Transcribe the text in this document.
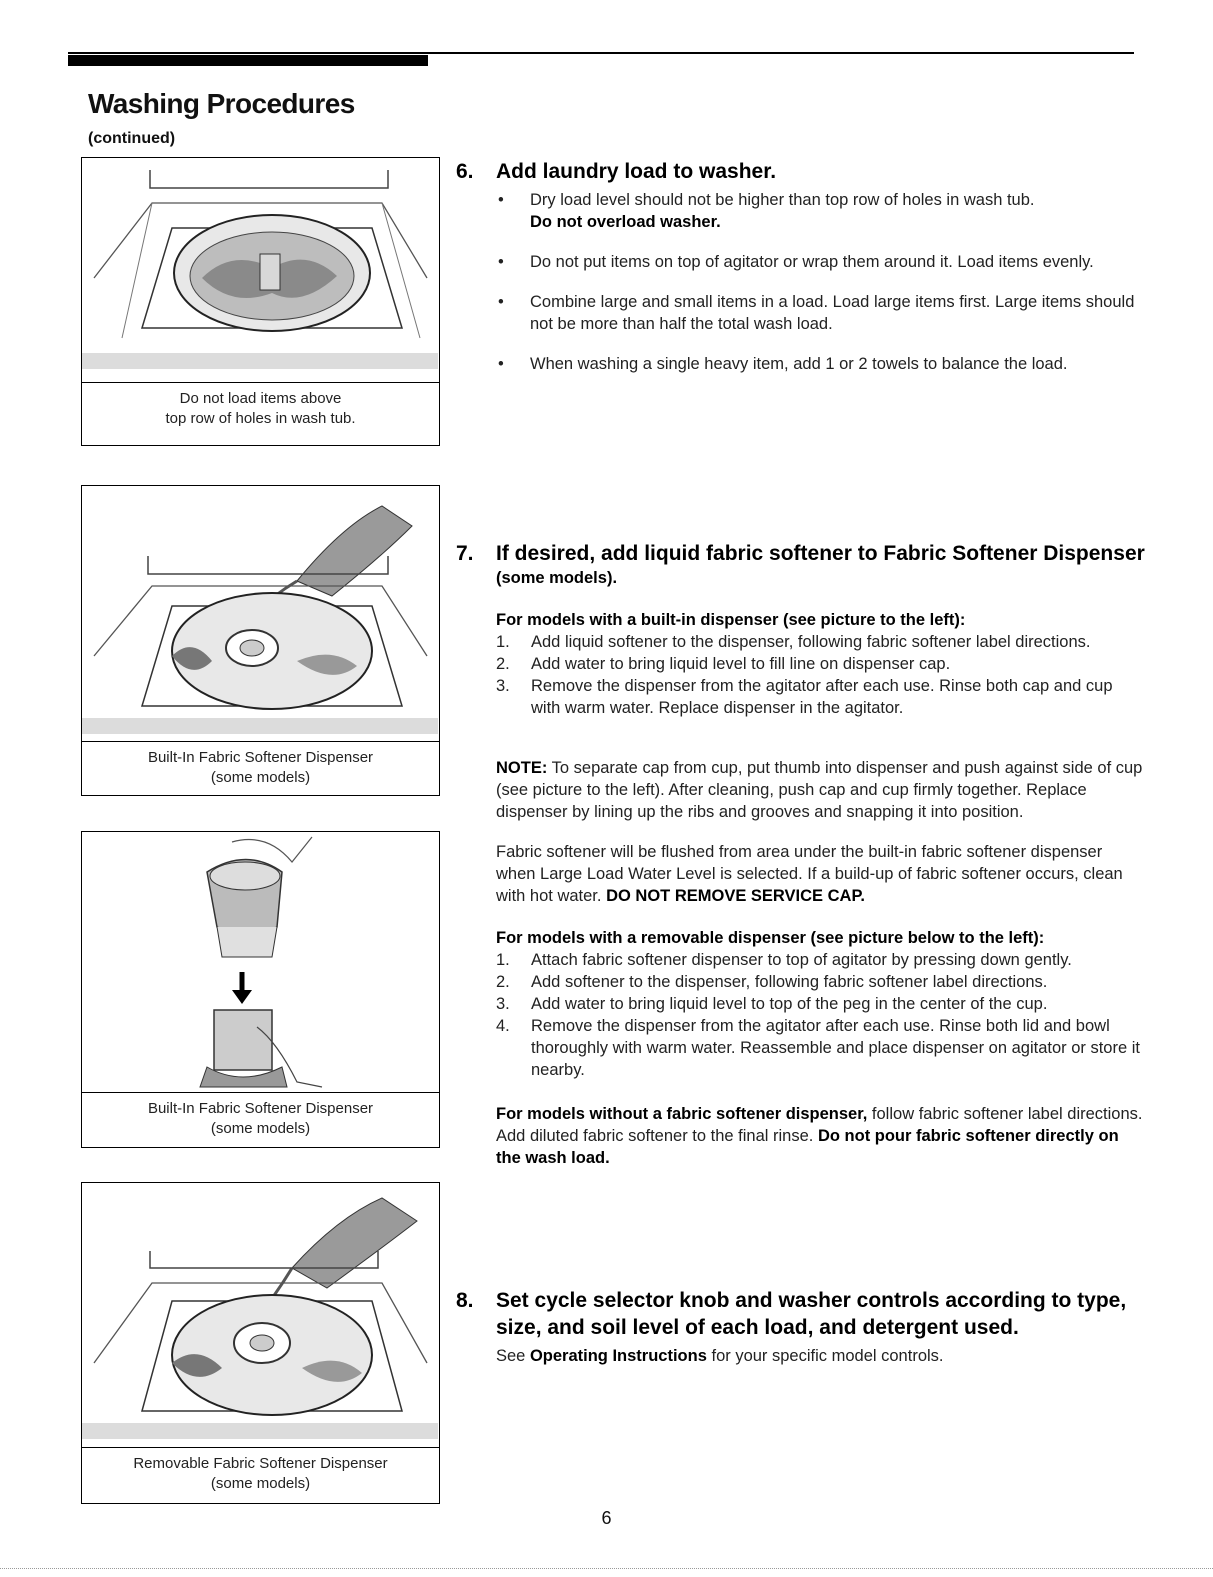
Washing Procedures
(continued)
Do not load items above
top row of holes in wash tub.
Built-In Fabric Softener Dispenser
(some models)
Built-In Fabric Softener Dispenser
(some models)
Removable Fabric Softener Dispenser
(some models)
6.	Add laundry load to washer.
• Dry load level should not be higher than top row of holes in wash tub.
Do not overload washer.
• Do not put items on top of agitator or wrap them around it. Load items evenly.
• Combine large and small items in a load. Load large items first. Large items should not be more than half the total wash load.
• When washing a single heavy item, add 1 or 2 towels to balance the load.
7.	If desired, add liquid fabric softener to Fabric Softener Dispenser
(some models).
For models with a built-in dispenser (see picture to the left):
1. Add liquid softener to the dispenser, following fabric softener label directions.
2. Add water to bring liquid level to fill line on dispenser cap.
3. Remove the dispenser from the agitator after each use. Rinse both cap and cup with warm water. Replace dispenser in the agitator.
NOTE: To separate cap from cup, put thumb into dispenser and push against side of cup (see picture to the left). After cleaning, push cap and cup firmly together. Replace dispenser by lining up the ribs and grooves and snapping it into position.
Fabric softener will be flushed from area under the built-in fabric softener dispenser when Large Load Water Level is selected. If a build-up of fabric softener occurs, clean with hot water. DO NOT REMOVE SERVICE CAP.
For models with a removable dispenser (see picture below to the left):
1. Attach fabric softener dispenser to top of agitator by pressing down gently.
2. Add softener to the dispenser, following fabric softener label directions.
3. Add water to bring liquid level to top of the peg in the center of the cup.
4. Remove the dispenser from the agitator after each use. Rinse both lid and bowl thoroughly with warm water. Reassemble and place dispenser on agitator or store it nearby.
For models without a fabric softener dispenser, follow fabric softener label directions. Add diluted fabric softener to the final rinse. Do not pour fabric softener directly on the wash load.
8.	Set cycle selector knob and washer controls according to type, size, and soil level of each load, and detergent used.
See Operating Instructions for your specific model controls.
6
